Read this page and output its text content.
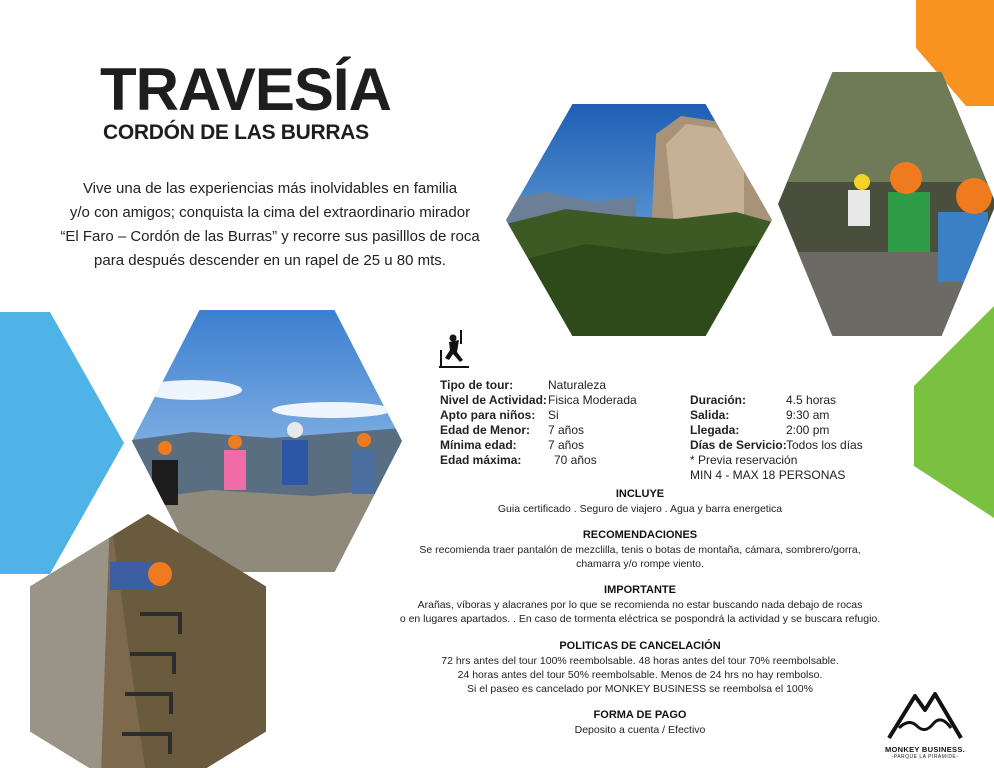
TRAVESÍA
CORDÓN DE LAS BURRAS
Vive una de las experiencias más inolvidables en familia
y/o con amigos; conquista la cima del extraordinario mirador
“El Faro – Cordón de las Burras” y recorre sus pasilllos de roca
para después descender en un rapel de 25 u 80 mts.
Tipo de tour:	Naturaleza
Nivel de Actividad: Fisica Moderada
Apto para niños:	Si
Edad de Menor:	7 años
Mínima edad:	7 años
Edad máxima:	70 años
Duración:	4.5 horas
Salida:	9:30 am
Llegada:	2:00 pm
Días de Servicio: Todos los días
* Previa reservación
MIN 4 - MAX 18 PERSONAS
INCLUYE

Guia certificado . Seguro de viajero . Agua y barra energetica

RECOMENDACIONES

Se recomienda traer pantalón de mezclilla, tenis o botas de montaña, cámara, sombrero/gorra,

chamarra y/o rompe viento.

IMPORTANTE

Arañas, víboras y alacranes por lo que se recomienda no estar buscando nada debajo de rocas

o en lugares apartados. . En caso de tormenta eléctrica se pospondrá la actividad y se buscara refugio.

POLITICAS DE CANCELACIÓN

72 hrs antes del tour 100% reembolsable. 48 horas antes del tour 70% reembolsable.

24 horas antes del tour 50% reembolsable. Menos de 24 hrs no hay rembolso.

Si el paseo es cancelado por MONKEY BUSINESS se reembolsa el 100%

FORMA DE PAGO

Deposito a cuenta / Efectivo

MONKEY BUSINESS.
-PARQUE LA PIRAMIDE-
